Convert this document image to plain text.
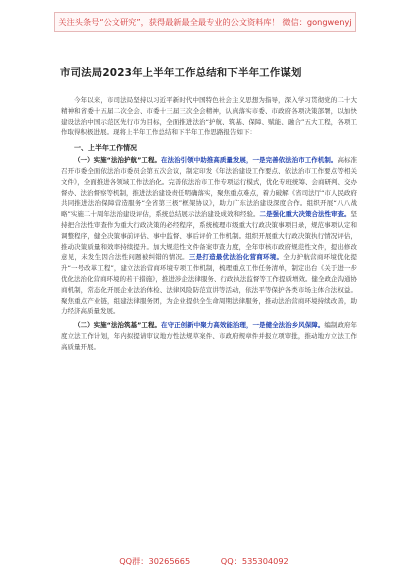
关注头条号“公文研究”，获得最新最全最专业的公文资料库！ 微信：gongwenyj
市司法局2023年上半年工作总结和下半年工作谋划

今年以来，市司法局坚持以习近平新时代中国特色社会主义思想为指导，深入学习贯彻党的二十大精神和省委十五届二次全会、市委十三届三次全会精神，认真落实市委、市政府各项决策部署，以加快建设法治中国示范区先行市为目标，全面推进法治“护航、筑基、保障、赋能、融合”五大工程，各项工作取得积极进展。现将上半年工作总结和下半年工作思路报告如下：

一、上半年工作情况

（一）实施“法治护航”工程。在法治引领中助推高质量发展，一是完善依法治市工作机制。高标准召开市委全面依法治市委员会第五次会议，制定印发《年法治建设工作要点、依法治市工作要点等相关文件》，全面推进各领域工作法治化。完善依法治市工作专项运行模式，优化专班统筹、会商研判、交办督办、法治督察等机制，推进法治建设责任明确落实，聚焦重点难点，着力破解《省司法厅“市人民政府共同推进法治保障营造服务“全省第三极”框架协议》，助力广东法治建设深度合作。组织开展“八八战略”实施二十周年法治建设评估，系统总结展示法治建设成效和经验。二是强化重大决策合法性审查。坚持把合法性审查作为重大行政决策的必经程序，系统梳理市级重大行政决策事项目录，规范事项认定和调整程序，健全决策事前评估、事中监督、事后评价工作机制。组织开展重大行政决策执行情况评估，推动决策质量和效率持续提升。加大规范性文件备案审查力度，全年审核市政府规范性文件，提出修改意见，未发生因合法性问题被纠错的情况。三是打造最优法治化营商环境。全力护航营商环境优化提升“一号改革工程”，建立法治营商环境专项工作机制，梳理重点工作任务清单，制定出台《关于进一步优化法治化营商环境的若干措施》，推进涉企法律服务、行政执法监督等工作提质增效。健全政企沟通协商机制，常态化开展企业法治体检、法律风险防范宣讲等活动，依法平等保护各类市场主体合法权益。聚焦重点产业链，组建法律服务团，为企业提供全生命周期法律服务，推动法治营商环境持续改善，助力经济高质量发展。

（二）实施“法治筑基”工程。在守正创新中聚力高效能治理，一是健全法治乡风保障。编制政府年度立法工作计划，年内拟提请审议地方性法规草案件、市政府规章件并报立项审批，推动地方立法工作高质量开展。

QQ群：30265665	QQ：535304092
